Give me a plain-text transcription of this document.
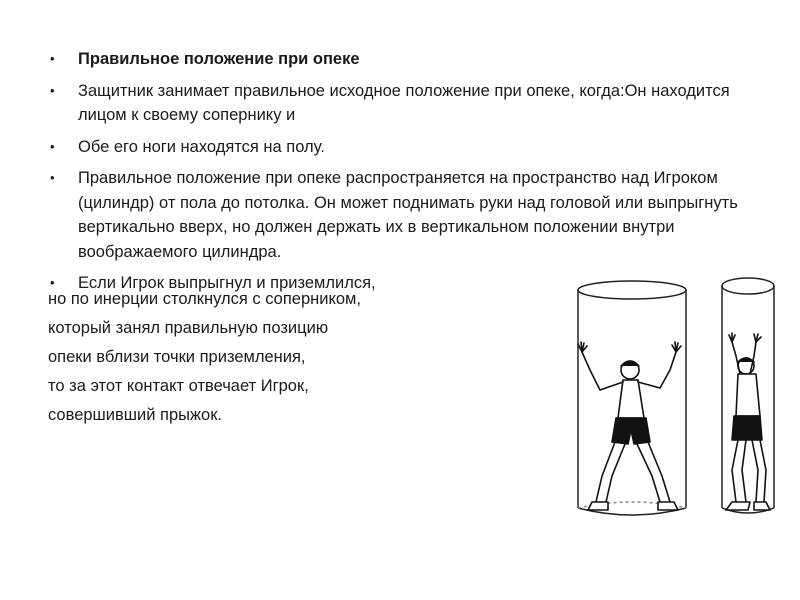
• Правильное положение при опеке
• Защитник занимает правильное исходное положение при опеке, когда:Он находится лицом к своему сопернику и
• Обе его ноги находятся на полу.
• Правильное положение при опеке распространяется на пространство над Игроком (цилиндр) от пола до потолка. Он может поднимать руки над головой или выпрыгнуть вертикально вверх, но должен держать их в вертикальном положении внутри воображаемого цилиндра.
• Если Игрок выпрыгнул и приземлился,
но по инерции столкнулся с соперником,
который занял правильную позицию
опеки вблизи точки приземления,
то за этот контакт отвечает Игрок,
совершивший прыжок.
